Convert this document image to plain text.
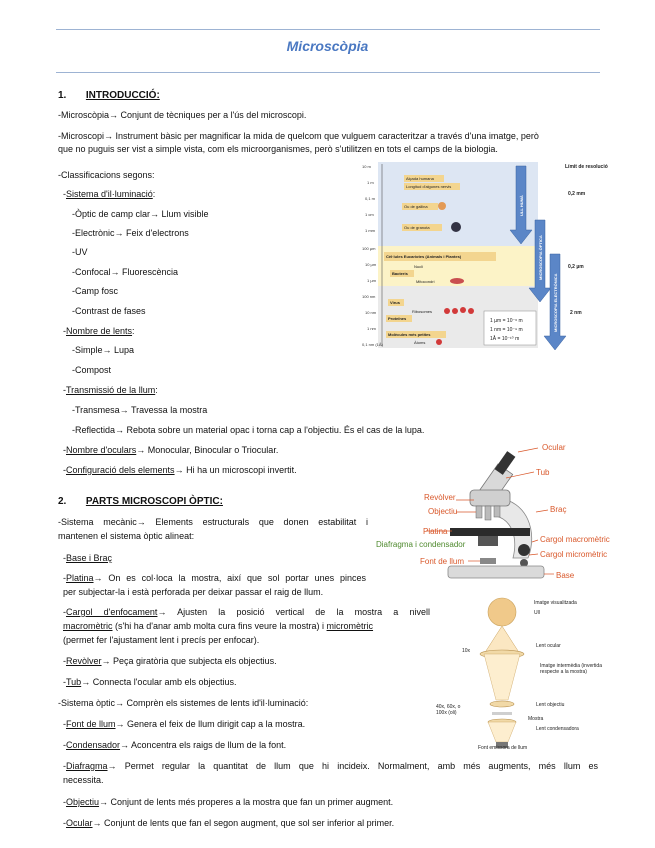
Microscòpia
1. INTRODUCCIÓ:
-Microscòpia→ Conjunt de tècniques per a l'ús del microscopi.
-Microscopi→ Instrument bàsic per magnificar la mida de quelcom que vulguem caracteritzar a través d'una imatge, però
que no puguis ser vist a simple vista, com els microorganismes, però s'utilitzen en tots el camps de la biologia.
-Classificacions segons:
-Sistema d'il·luminació:
-Òptic de camp clar→ Llum visible
-Electrònic→ Feix d'electrons
-UV
-Confocal→ Fluorescència
-Camp fosc
-Contrast de fases
-Nombre de lents:
-Simple→ Lupa
-Compost
-Transmissió de la llum:
-Transmesa→ Travessa la mostra
-Reflectida→ Rebota sobre un material opac i torna cap a l'objectiu. És el cas de la lupa.
-Nombre d'oculars→ Monocular, Binocular o Triocular.
-Configuració dels elements→ Hi ha un microscopi invertit.
10 m
1 m
0,1 m
1 cm
1 mm
100 µm
10 µm
1 µm
100 nm
10 nm
1 nm
0,1 nm (1Å)
Alçada humana
Longitud d'algunes nervis
Ou de gallina
Ou de granota
Cèl·lules Eucariotes (Animals i Plantes)
Nucli
Bacteris
Mitocondri
Virus
Ribosomes
Proteïnes
Molècules més petites
Àtoms
1 µm = 10⁻⁶ m
1 nm = 10⁻⁹ m
1Å = 10⁻¹⁰ m
ULL HUMÀ
MICROSCOPIA ÒPTICA
MICROSCOPIA ELECTRÒNICA
Límit de resolució
0,2 mm
0,2 µm
2 nm
2. PARTS MICROSCOPI ÒPTIC:
-Sistema mecànic→ Elements estructurals que donen estabilitat i
mantenen el sistema òptic alineat:
-Base i Braç
-Platina→ On es col·loca la mostra, així que sol portar unes pinces
per subjectar-la i està perforada per deixar passar el raig de llum.
-Cargol d'enfocament→ Ajusten la posició vertical de la mostra a nivell
macromètric (s'hi ha d'anar amb molta cura fins veure la mostra) i micromètric
(permet fer l'ajustament lent i precís per enfocar).
-Revòlver→ Peça giratòria que subjecta els objectius.
-Tub→ Connecta l'ocular amb els objectius.
-Sistema òptic→ Comprèn els sistemes de lents id'il·luminació:
-Font de llum→ Genera el feix de llum dirigit cap a la mostra.
-Condensador→ Aconcentra els raigs de llum de la font.
-Diafragma→ Permet regular la quantitat de llum que hi incideix. Normalment, amb més augments, més llum es
necessita.
-Objectiu→ Conjunt de lents més properes a la mostra que fan un primer augment.
-Ocular→ Conjunt de lents que fan el segon augment, que sol ser inferior al primer.
Ocular
Tub
Revòlver
Objectiu	Braç
Platina
Diafragma i condensador
Cargol macromètric
Cargol micromètric
Font de llum
Base
Imatge visualitzada
Ull
10x
Lent ocular
Imatge intermèdia (invertida respecte a la mostra)
40x, 60x, o 100x (oli)
Lent objectiu
Mostra
Lent condensadora
Font emissora de llum
